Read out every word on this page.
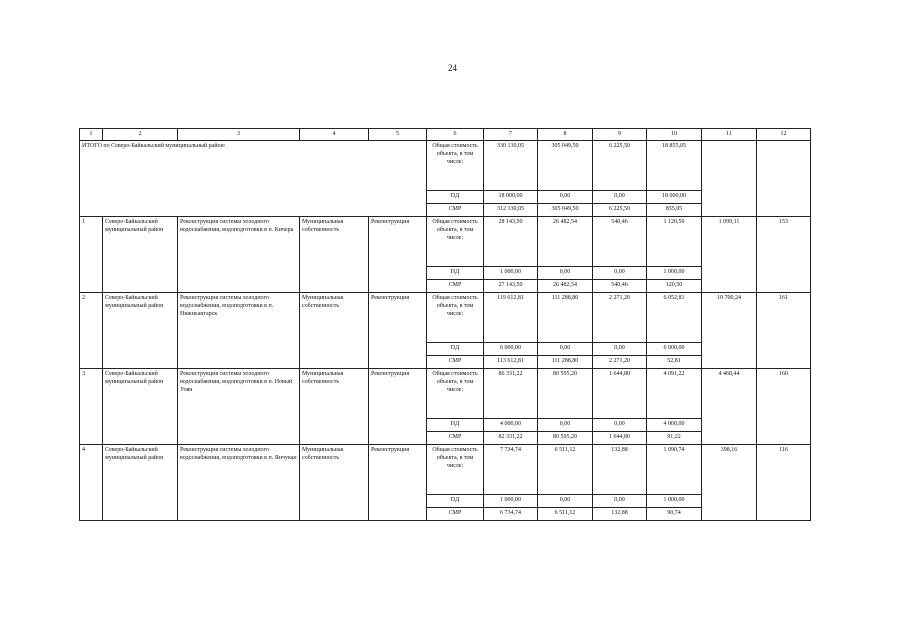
24
1	2	3	4	5	6	7	8	9	10	11	12
ИТОГО по Северо-Байкальский муниципальный район:					Общая стоимость объекта, в том числе:	330 130,05	305 049,50	6 225,50	18 855,05		
					ПД	18 000,00	0,00	0,00	18 000,00		
					СМР	312 130,05	305 049,50	6 225,50	855,05		
1	Северо-Байкальский муниципальный район	Реконструкция системы холодного водоснабжения, водоподготовки в п. Кичера	Муниципальная собственность	Реконструкция	Общая стоимость объекта, в том числе:	28 143,50	26 482,54	540,46	1 120,50	1 099,11	153
					ПД	1 000,00	0,00	0,00	1 000,00		
					СМР	27 143,50	26 482,54	540,46	120,50		
2	Северо-Байкальский муниципальный район	Реконструкция системы холодного водоснабжения, водоподготовки в п. Нижнеангарск	Муниципальная собственность	Реконструкция	Общая стоимость объекта, в том числе:	119 612,81	111 288,80	2 271,20	6 052,81	10 700,24	161
					ПД	6 000,00	0,00	0,00	6 000,00		
					СМР	113 612,81	111 288,80	2 271,20	52,81		
3	Северо-Байкальский муниципальный район	Реконструкция системы холодного водоснабжения, водоподготовки в п. Новый Уоян	Муниципальная собственность	Реконструкция	Общая стоимость объекта, в том числе:	86 331,22	80 595,20	1 644,80	4 091,22	4 468,44	160
					ПД	4 000,00	0,00	0,00	4 000,00		
					СМР	82 331,22	80 595,20	1 644,80	91,22		
4	Северо-Байкальский муниципальный район	Реконструкция системы холодного водоснабжения, водоподготовки в п. Янчукан	Муниципальная собственность	Реконструкция	Общая стоимость объекта, в том числе:	7 734,74	6 511,12	132,88	1 090,74	398,16	116
					ПД	1 000,00	0,00	0,00	1 000,00		
					СМР	6 734,74	6 511,12	132,88	90,74		
